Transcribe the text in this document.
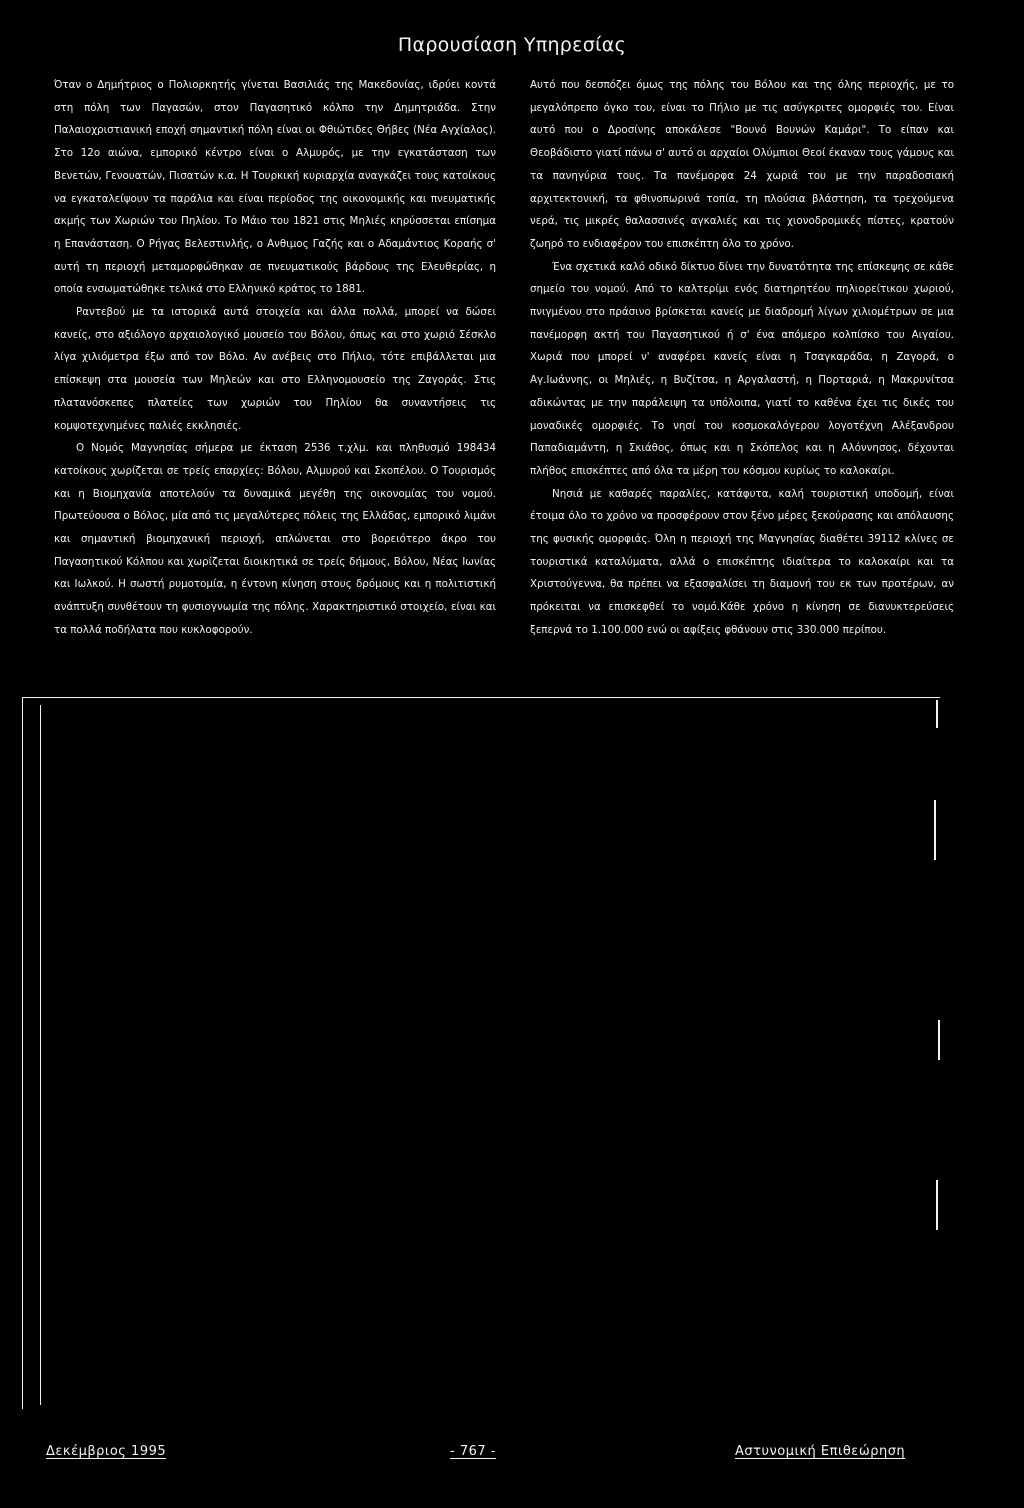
Παρουσίαση Υπηρεσίας

Όταν ο Δημήτριος ο Πολιορκητής γίνεται Βασιλιάς της Μακεδονίας, ιδρύει κοντά στη πόλη των Παγασών, στον Παγασητικό κόλπο την Δημητριάδα. Στην Παλαιοχριστιανική εποχή σημαντική πόλη είναι οι Φθιώτιδες Θήβες (Νέα Αγχίαλος). Στο 12ο αιώνα, εμπορικό κέντρο είναι ο Αλμυρός, με την εγκατάσταση των Βενετών, Γενουατών, Πισατών κ.α. Η Τουρκική κυριαρχία αναγκάζει τους κατοίκους να εγκαταλείψουν τα παράλια και είναι περίοδος της οικονομικής και πνευματικής ακμής των Χωριών του Πηλίου. Το Μάιο του 1821 στις Μηλιές κηρύσσεται επίσημα η Επανάσταση. Ο Ρήγας Βελεστινλής, ο Ανθιμος Γαζής και ο Αδαμάντιος Κοραής σ' αυτή τη περιοχή μεταμορφώθηκαν σε πνευματικούς βάρδους της Ελευθερίας, η οποία ενσωματώθηκε τελικά στο Ελληνικό κράτος το 1881.

Ραντεβού με τα ιστορικά αυτά στοιχεία και άλλα πολλά, μπορεί να δώσει κανείς, στο αξιόλογο αρχαιολογικό μουσείο του Βόλου, όπως και στο χωριό Σέσκλο λίγα χιλιόμετρα έξω από τον Βόλο. Αν ανέβεις στο Πήλιο, τότε επιβάλλεται μια επίσκεψη στα μουσεία των Μηλεών και στο Ελληνομουσείο της Ζαγοράς. Στις πλατανόσκεπες πλατείες των χωριών του Πηλίου θα συναντήσεις τις κομψοτεχνημένες παλιές εκκλησιές.

Ο Νομός Μαγνησίας σήμερα με έκταση 2536 τ.χλμ. και πληθυσμό 198434 κατοίκους χωρίζεται σε τρείς επαρχίες: Βόλου, Αλμυρού και Σκοπέλου. Ο Τουρισμός και η Βιομηχανία αποτελούν τα δυναμικά μεγέθη της οικονομίας του νομού. Πρωτεύουσα ο Βόλος, μία από τις μεγαλύτερες πόλεις της Ελλάδας, εμπορικό λιμάνι και σημαντική βιομηχανική περιοχή, απλώνεται στο βορειότερο άκρο του Παγασητικού Κόλπου και χωρίζεται διοικητικά σε τρείς δήμους, Βόλου, Νέας Ιωνίας και Ιωλκού. Η σωστή ρυμοτομία, η έντονη κίνηση στους δρόμους και η πολιτιστική ανάπτυξη συνθέτουν τη φυσιογνωμία της πόλης. Χαρακτηριστικό στοιχείο, είναι και τα πολλά ποδήλατα που κυκλοφορούν.

Αυτό που δεσπόζει όμως της πόλης του Βόλου και της όλης περιοχής, με το μεγαλόπρεπο όγκο του, είναι το Πήλιο με τις ασύγκριτες ομορφιές του. Είναι αυτό που ο Δροσίνης αποκάλεσε "Βουνό Βουνών Καμάρι". Το είπαν και Θεοβάδιστο γιατί πάνω σ' αυτό οι αρχαίοι Ολύμπιοι Θεοί έκαναν τους γάμους και τα πανηγύρια τους. Τα πανέμορφα 24 χωριά του με την παραδοσιακή αρχιτεκτονική, τα φθινοπωρινά τοπία, τη πλούσια βλάστηση, τα τρεχούμενα νερά, τις μικρές θαλασσινές αγκαλιές και τις χιονοδρομικές πίστες, κρατούν ζωηρό το ενδιαφέρον του επισκέπτη όλο το χρόνο.

Ένα σχετικά καλό οδικό δίκτυο δίνει την δυνατότητα της επίσκεψης σε κάθε σημείο του νομού. Από το καλτερίμι ενός διατηρητέου πηλιορείτικου χωριού, πνιγμένου στο πράσινο βρίσκεται κανείς με διαδρομή λίγων χιλιομέτρων σε μια πανέμορφη ακτή του Παγασητικού ή σ' ένα απόμερο κολπίσκο του Αιγαίου. Χωριά που μπορεί ν' αναφέρει κανείς είναι η Τσαγκαράδα, η Ζαγορά, ο Αγ.Ιωάννης, οι Μηλιές, η Βυζίτσα, η Αργαλαστή, η Πορταριά, η Μακρυνίτσα αδικώντας με την παράλειψη τα υπόλοιπα, γιατί το καθένα έχει τις δικές του μοναδικές ομορφιές. Το νησί του κοσμοκαλόγερου λογοτέχνη Αλέξανδρου Παπαδιαμάντη, η Σκιάθος, όπως και η Σκόπελος και η Αλόννησος, δέχονται πλήθος επισκέπτες από όλα τα μέρη του κόσμου κυρίως το καλοκαίρι.

Νησιά με καθαρές παραλίες, κατάφυτα, καλή τουριστική υποδομή, είναι έτοιμα όλο το χρόνο να προσφέρουν στον ξένο μέρες ξεκούρασης και απόλαυσης της φυσικής ομορφιάς. Όλη η περιοχή της Μαγνησίας διαθέτει 39112 κλίνες σε τουριστικά καταλύματα, αλλά ο επισκέπτης ιδιαίτερα το καλοκαίρι και τα Χριστούγεννα, θα πρέπει να εξασφαλίσει τη διαμονή του εκ των προτέρων, αν πρόκειται να επισκεφθεί το νομό.Κάθε χρόνο η κίνηση σε διανυκτερεύσεις ξεπερνά το 1.100.000 ενώ οι αφίξεις φθάνουν στις 330.000 περίπου.

Δεκέμβριος 1995	- 767 -	Αστυνομική Επιθεώρηση
